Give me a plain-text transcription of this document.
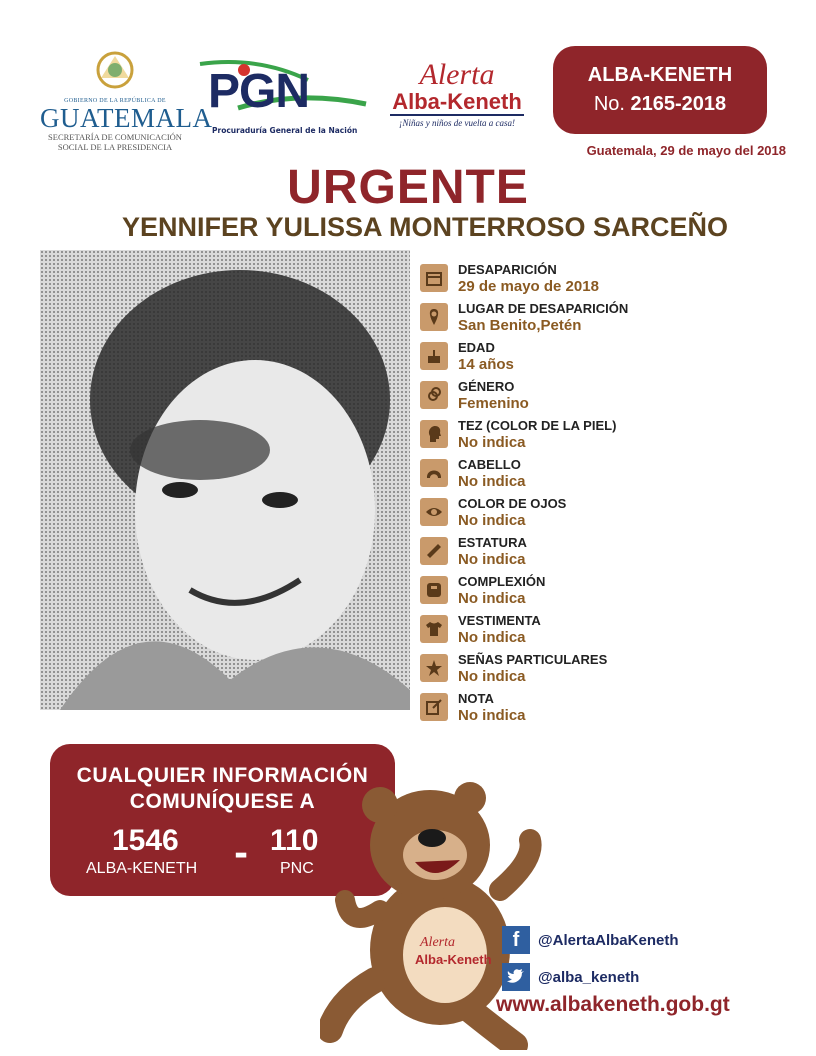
GOBIERNO DE LA REPÚBLICA DE
GUATEMALA
SECRETARÍA DE COMUNICACIÓN
SOCIAL DE LA PRESIDENCIA
PGN
Procuraduría General de la Nación
Alerta
Alba-Keneth
¡Niñas y niños de vuelta a casa!
ALBA-KENETH
No. 2165-2018
Guatemala, 29 de mayo del 2018
URGENTE
YENNIFER YULISSA MONTERROSO SARCEÑO
DESAPARICIÓN
29 de mayo de 2018
LUGAR DE DESAPARICIÓN
San Benito,Petén
EDAD
14 años
GÉNERO
Femenino
TEZ (COLOR DE LA PIEL)
No indica
CABELLO
No indica
COLOR DE OJOS
No indica
ESTATURA
No indica
COMPLEXIÓN
No indica
VESTIMENTA
No indica
SEÑAS PARTICULARES
No indica
NOTA
No indica
CUALQUIER INFORMACIÓN
COMUNÍQUESE A
1546
ALBA-KENETH - 110
PNC
Alerta
Alba-Keneth
f	@AlertaAlbaKeneth
@alba_keneth
www.albakeneth.gob.gt
